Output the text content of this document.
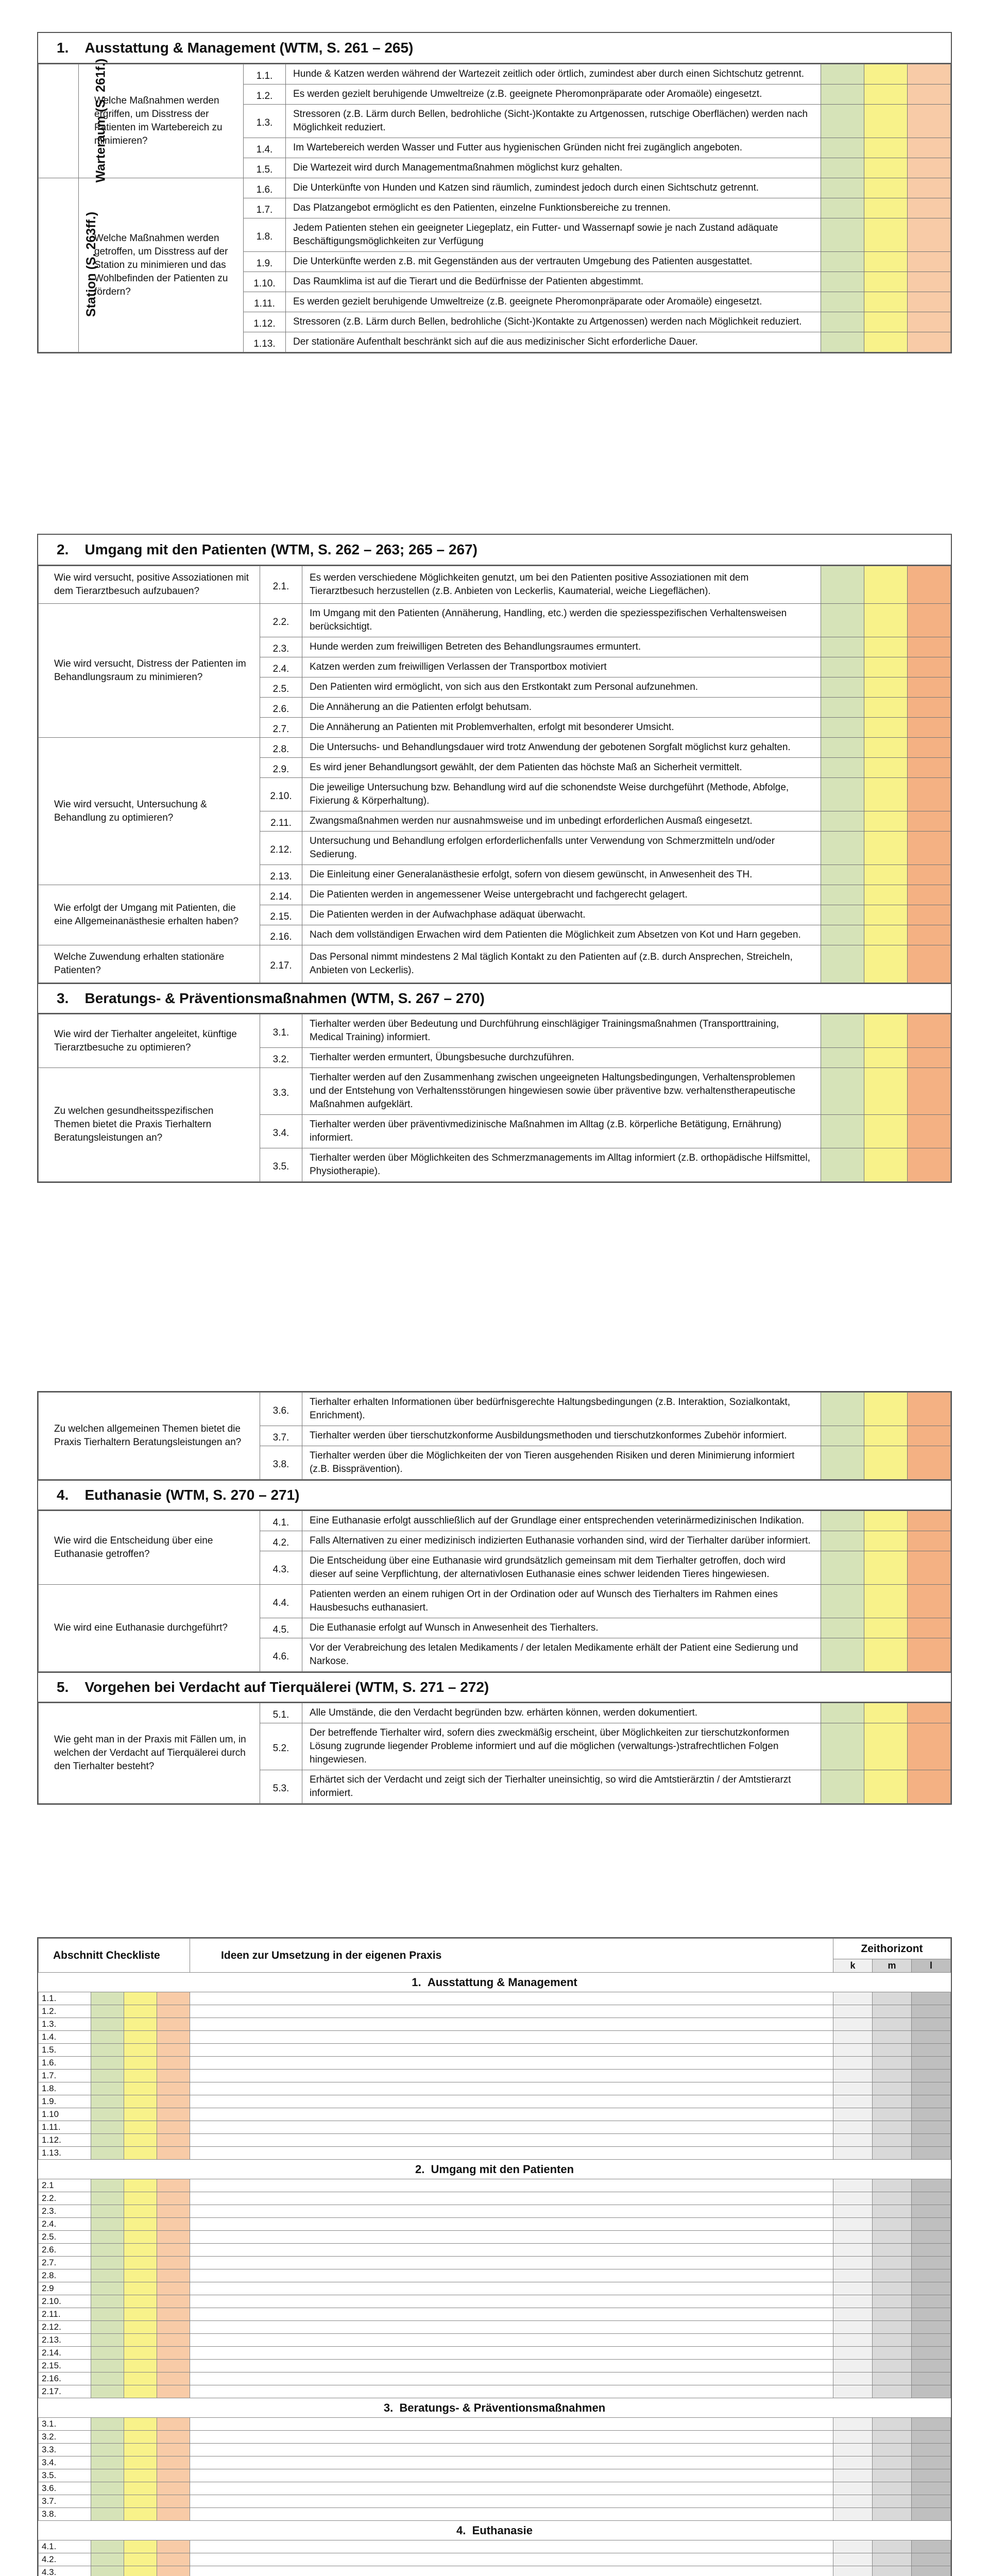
1.    Ausstattung & Management (WTM, S. 261 – 265)
Warteraum (S. 261f.)	Welche Maßnahmen werden ergriffen, um Disstress der Patienten im Wartebereich zu minimieren?	1.1.	Hunde & Katzen werden während der Wartezeit zeitlich oder örtlich, zumindest aber durch einen Sichtschutz getrennt.			
		1.2.	Es werden gezielt beruhigende Umweltreize (z.B. geeignete Pheromonpräparate oder Aromaöle) eingesetzt.			
		1.3.	Stressoren (z.B. Lärm durch Bellen, bedrohliche (Sicht-)Kontakte zu Artgenossen, rutschige Oberflächen) werden nach Möglichkeit reduziert.			
		1.4.	Im Wartebereich werden Wasser und Futter aus hygienischen Gründen nicht frei zugänglich angeboten.			
		1.5.	Die Wartezeit wird durch Managementmaßnahmen möglichst kurz gehalten.			
Station (S. 263ff.)	Welche Maßnahmen werden getroffen, um Disstress auf der Station zu minimieren und das Wohlbefinden der Patienten zu fördern?	1.6.	Die Unterkünfte von Hunden und Katzen sind räumlich, zumindest jedoch durch einen Sichtschutz getrennt.			
		1.7.	Das Platzangebot ermöglicht es den Patienten, einzelne Funktionsbereiche zu trennen.			
		1.8.	Jedem Patienten stehen ein geeigneter Liegeplatz, ein Futter- und Wassernapf sowie je nach Zustand adäquate Beschäftigungsmöglichkeiten zur Verfügung			
		1.9.	Die Unterkünfte werden z.B. mit Gegenständen aus der vertrauten Umgebung des Patienten ausgestattet.			
		1.10.	Das Raumklima ist auf die Tierart und die Bedürfnisse der Patienten abgestimmt.			
		1.11.	Es werden gezielt beruhigende Umweltreize (z.B. geeignete Pheromonpräparate oder Aromaöle) eingesetzt.			
		1.12.	Stressoren (z.B. Lärm durch Bellen, bedrohliche (Sicht-)Kontakte zu Artgenossen) werden nach Möglichkeit reduziert.			
		1.13.	Der stationäre Aufenthalt beschränkt sich auf die aus medizinischer Sicht erforderliche Dauer.			
2.    Umgang mit den Patienten (WTM, S. 262 – 263; 265 – 267)
Wie wird versucht, positive Assoziationen mit dem Tierarztbesuch aufzubauen?	2.1.	Es werden verschiedene Möglichkeiten genutzt, um bei den Patienten positive Assoziationen mit dem Tierarztbesuch herzustellen (z.B. Anbieten von Leckerlis, Kaumaterial, weiche Liegeflächen).			
Wie wird versucht, Distress der Patienten im Behandlungsraum zu minimieren?	2.2.	Im Umgang mit den Patienten (Annäherung, Handling, etc.) werden die speziesspezifischen Verhaltensweisen berücksichtigt.			
	2.3.	Hunde werden zum freiwilligen Betreten des Behandlungsraumes ermuntert.			
	2.4.	Katzen werden zum freiwilligen Verlassen der Transportbox motiviert			
	2.5.	Den Patienten wird ermöglicht, von sich aus den Erstkontakt zum Personal aufzunehmen.			
	2.6.	Die Annäherung an die Patienten erfolgt behutsam.			
	2.7.	Die Annäherung an Patienten mit Problemverhalten, erfolgt mit besonderer Umsicht.			
Wie wird versucht, Untersuchung & Behandlung zu optimieren?	2.8.	Die Untersuchs- und Behandlungsdauer wird trotz Anwendung der gebotenen Sorgfalt möglichst kurz gehalten.			
	2.9.	Es wird jener Behandlungsort gewählt, der dem Patienten das höchste Maß an Sicherheit vermittelt.			
	2.10.	Die jeweilige Untersuchung bzw. Behandlung wird auf die schonendste Weise durchgeführt (Methode, Abfolge, Fixierung & Körperhaltung).			
	2.11.	Zwangsmaßnahmen werden nur ausnahmsweise und im unbedingt erforderlichen Ausmaß eingesetzt.			
	2.12.	Untersuchung und Behandlung erfolgen erforderlichenfalls unter Verwendung von Schmerzmitteln und/oder Sedierung.			
	2.13.	Die Einleitung einer Generalanästhesie erfolgt, sofern von diesem gewünscht, in Anwesenheit des TH.			
Wie erfolgt der Umgang mit Patienten, die eine Allgemeinanästhesie erhalten haben?	2.14.	Die Patienten werden in angemessener Weise untergebracht und fachgerecht gelagert.			
	2.15.	Die Patienten werden in der Aufwachphase adäquat überwacht.			
	2.16.	Nach dem vollständigen Erwachen wird dem Patienten die Möglichkeit zum Absetzen von Kot und Harn gegeben.			
Welche Zuwendung erhalten stationäre Patienten?	2.17.	Das Personal nimmt mindestens 2 Mal täglich Kontakt zu den Patienten auf (z.B. durch Ansprechen, Streicheln, Anbieten von Leckerlis).			
3.    Beratungs- & Präventionsmaßnahmen (WTM, S. 267 – 270)
Wie wird der Tierhalter angeleitet, künftige Tierarztbesuche zu optimieren?	3.1.	Tierhalter werden über Bedeutung und Durchführung einschlägiger Trainingsmaßnahmen (Transporttraining, Medical Training) informiert.			
	3.2.	Tierhalter werden ermuntert, Übungsbesuche durchzuführen.			
Zu welchen gesundheitsspezifischen Themen bietet die Praxis Tierhaltern Beratungsleistungen an?	3.3.	Tierhalter werden auf den Zusammenhang zwischen ungeeigneten Haltungsbedingungen, Verhaltensproblemen und der Entstehung von Verhaltensstörungen hingewiesen sowie über präventive bzw. verhaltenstherapeutische Maßnahmen aufgeklärt.			
	3.4.	Tierhalter werden über präventivmedizinische Maßnahmen im Alltag (z.B. körperliche Betätigung, Ernährung) informiert.			
	3.5.	Tierhalter werden über Möglichkeiten des Schmerzmanagements im Alltag informiert (z.B. orthopädische Hilfsmittel, Physiotherapie).			
Zu welchen allgemeinen Themen bietet die Praxis Tierhaltern Beratungsleistungen an?	3.6.	Tierhalter erhalten Informationen über bedürfnisgerechte Haltungsbedingungen (z.B. Interaktion, Sozialkontakt, Enrichment).			
	3.7.	Tierhalter werden über tierschutzkonforme Ausbildungsmethoden und tierschutzkonformes Zubehör informiert.			
	3.8.	Tierhalter werden über die Möglichkeiten der von Tieren ausgehenden Risiken und deren Minimierung informiert (z.B. Bissprävention).			
4.    Euthanasie (WTM, S. 270 – 271)
Wie wird die Entscheidung über eine Euthanasie getroffen?	4.1.	Eine Euthanasie erfolgt ausschließlich auf der Grundlage einer entsprechenden veterinärmedizinischen Indikation.			
	4.2.	Falls Alternativen zu einer medizinisch indizierten Euthanasie vorhanden sind, wird der Tierhalter darüber informiert.			
	4.3.	Die Entscheidung über eine Euthanasie wird grundsätzlich gemeinsam mit dem Tierhalter getroffen, doch wird dieser auf seine Verpflichtung, der alternativlosen Euthanasie eines schwer leidenden Tieres hingewiesen.			
Wie wird eine Euthanasie durchgeführt?	4.4.	Patienten werden an einem ruhigen Ort in der Ordination oder auf Wunsch des Tierhalters im Rahmen eines Hausbesuchs euthanasiert.			
	4.5.	Die Euthanasie erfolgt auf Wunsch in Anwesenheit des Tierhalters.			
	4.6.	Vor der Verabreichung des letalen Medikaments / der letalen Medikamente erhält der Patient eine Sedierung und Narkose.			
5.    Vorgehen bei Verdacht auf Tierquälerei (WTM, S. 271 – 272)
Wie geht man in der Praxis mit Fällen um, in welchen der Verdacht auf Tierquälerei durch den Tierhalter besteht?	5.1.	Alle Umstände, die den Verdacht begründen bzw. erhärten können, werden dokumentiert.			
	5.2.	Der betreffende Tierhalter wird, sofern dies zweckmäßig erscheint, über Möglichkeiten zur tierschutzkonformen Lösung zugrunde liegender Probleme informiert und auf die möglichen (verwaltungs-)strafrechtlichen Folgen hingewiesen.			
	5.3.	Erhärtet sich der Verdacht und zeigt sich der Tierhalter uneinsichtig, so wird die Amtstierärztin / der Amtstierarzt informiert.			
Abschnitt Checkliste				Ideen zur Umsetzung in der eigenen Praxis	Zeithorizont		
					k	m	l
1.  Ausstattung & Management							
1.1.							
1.2.							
1.3.							
1.4.							
1.5.							
1.6.							
1.7.							
1.8.							
1.9.							
1.10							
1.11.							
1.12.							
1.13.							
2.  Umgang mit den Patienten							
2.1							
2.2.							
2.3.							
2.4.							
2.5.							
2.6.							
2.7.							
2.8.							
2.9							
2.10.							
2.11.							
2.12.							
2.13.							
2.14.							
2.15.							
2.16.							
2.17.							
3.  Beratungs- & Präventionsmaßnahmen							
3.1.							
3.2.							
3.3.							
3.4.							
3.5.							
3.6.							
3.7.							
3.8.							
4.  Euthanasie							
4.1.							
4.2.							
4.3.							
